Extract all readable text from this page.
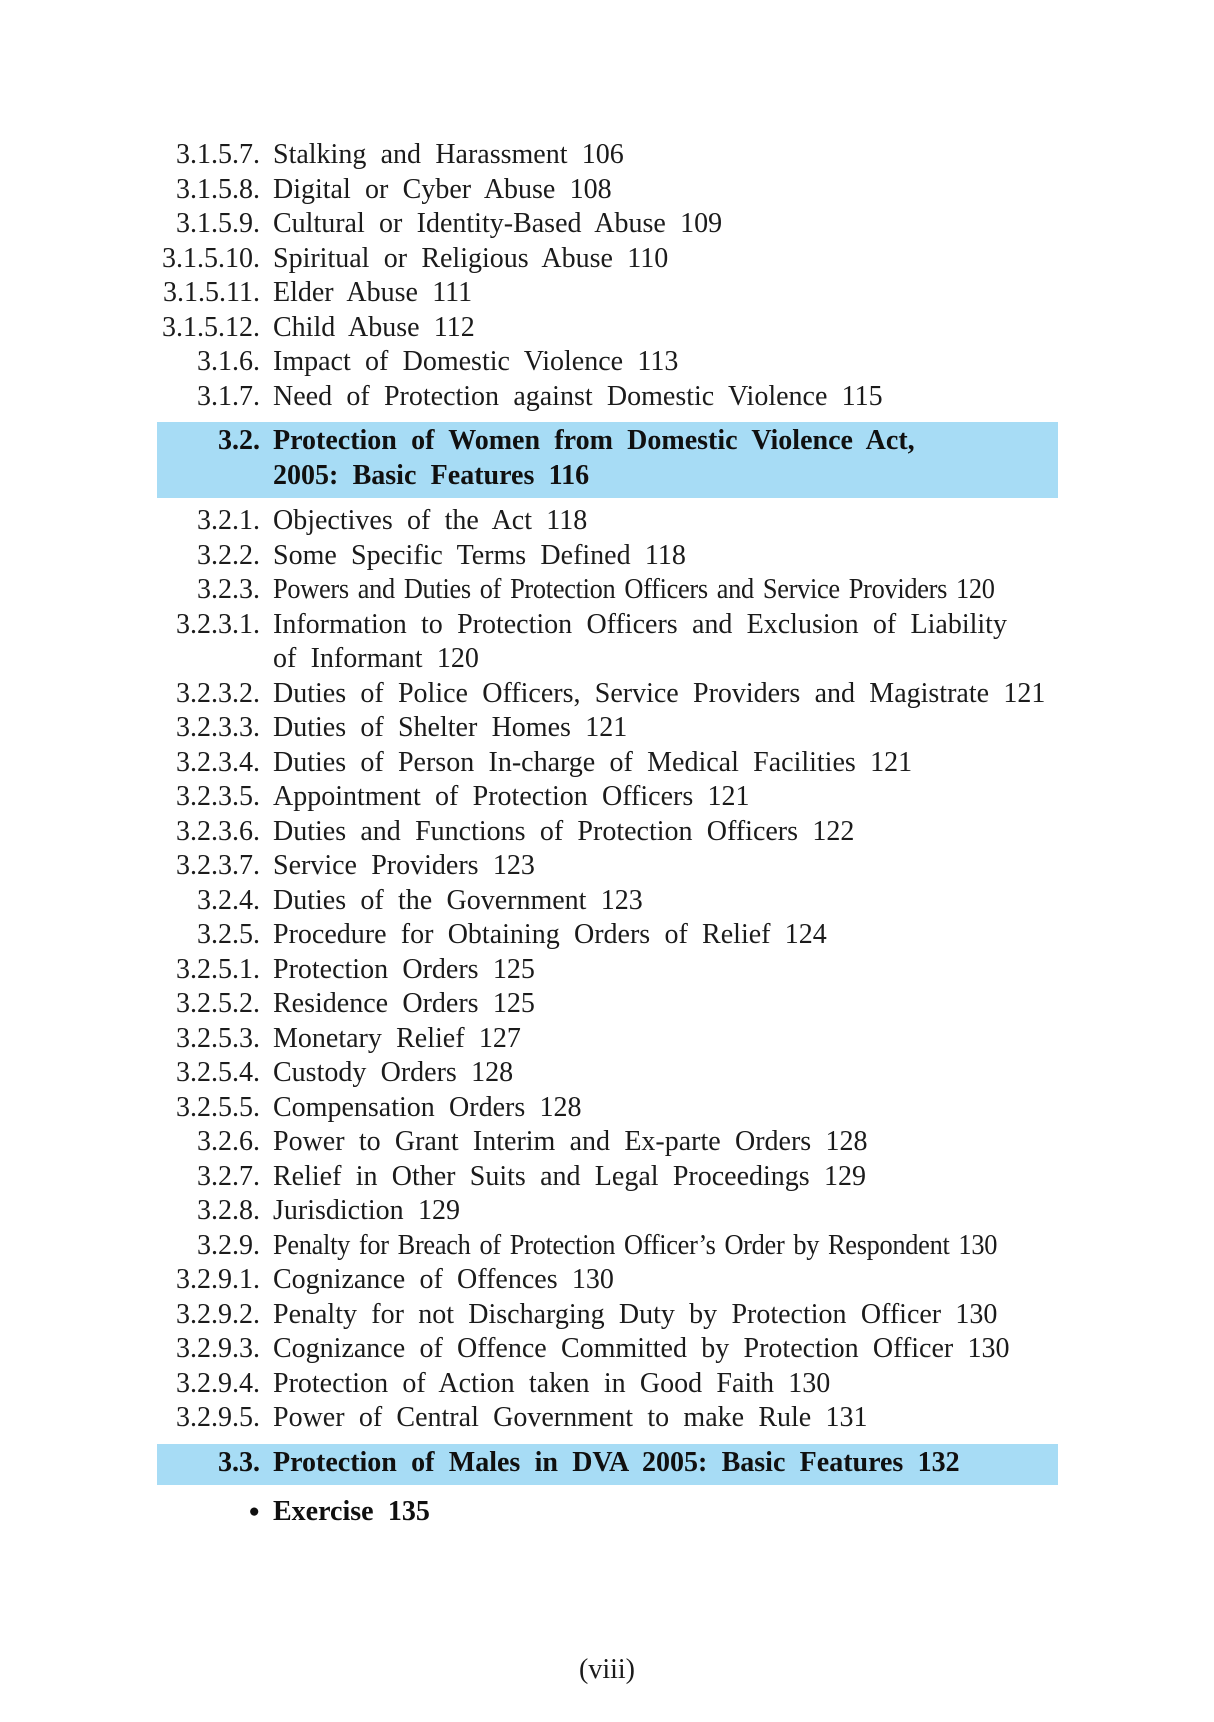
3.1.5.7. Stalking and Harassment 106
3.1.5.8. Digital or Cyber Abuse 108
3.1.5.9. Cultural or Identity-Based Abuse 109
3.1.5.10. Spiritual or Religious Abuse 110
3.1.5.11. Elder Abuse 111
3.1.5.12. Child Abuse 112
3.1.6. Impact of Domestic Violence 113
3.1.7. Need of Protection against Domestic Violence 115
3.2. Protection of Women from Domestic Violence Act,
2005: Basic Features 116
3.2.1. Objectives of the Act 118
3.2.2. Some Specific Terms Defined 118
3.2.3. Powers and Duties of Protection Officers and Service Providers 120
3.2.3.1. Information to Protection Officers and Exclusion of Liability
of Informant 120
3.2.3.2. Duties of Police Officers, Service Providers and Magistrate 121
3.2.3.3. Duties of Shelter Homes 121
3.2.3.4. Duties of Person In-charge of Medical Facilities 121
3.2.3.5. Appointment of Protection Officers 121
3.2.3.6. Duties and Functions of Protection Officers 122
3.2.3.7. Service Providers 123
3.2.4. Duties of the Government 123
3.2.5. Procedure for Obtaining Orders of Relief 124
3.2.5.1. Protection Orders 125
3.2.5.2. Residence Orders 125
3.2.5.3. Monetary Relief 127
3.2.5.4. Custody Orders 128
3.2.5.5. Compensation Orders 128
3.2.6. Power to Grant Interim and Ex-parte Orders 128
3.2.7. Relief in Other Suits and Legal Proceedings 129
3.2.8. Jurisdiction 129
3.2.9. Penalty for Breach of Protection Officer’s Order by Respondent 130
3.2.9.1. Cognizance of Offences 130
3.2.9.2. Penalty for not Discharging Duty by Protection Officer 130
3.2.9.3. Cognizance of Offence Committed by Protection Officer 130
3.2.9.4. Protection of Action taken in Good Faith 130
3.2.9.5. Power of Central Government to make Rule 131
3.3. Protection of Males in DVA 2005: Basic Features 132
● Exercise 135
(viii)
